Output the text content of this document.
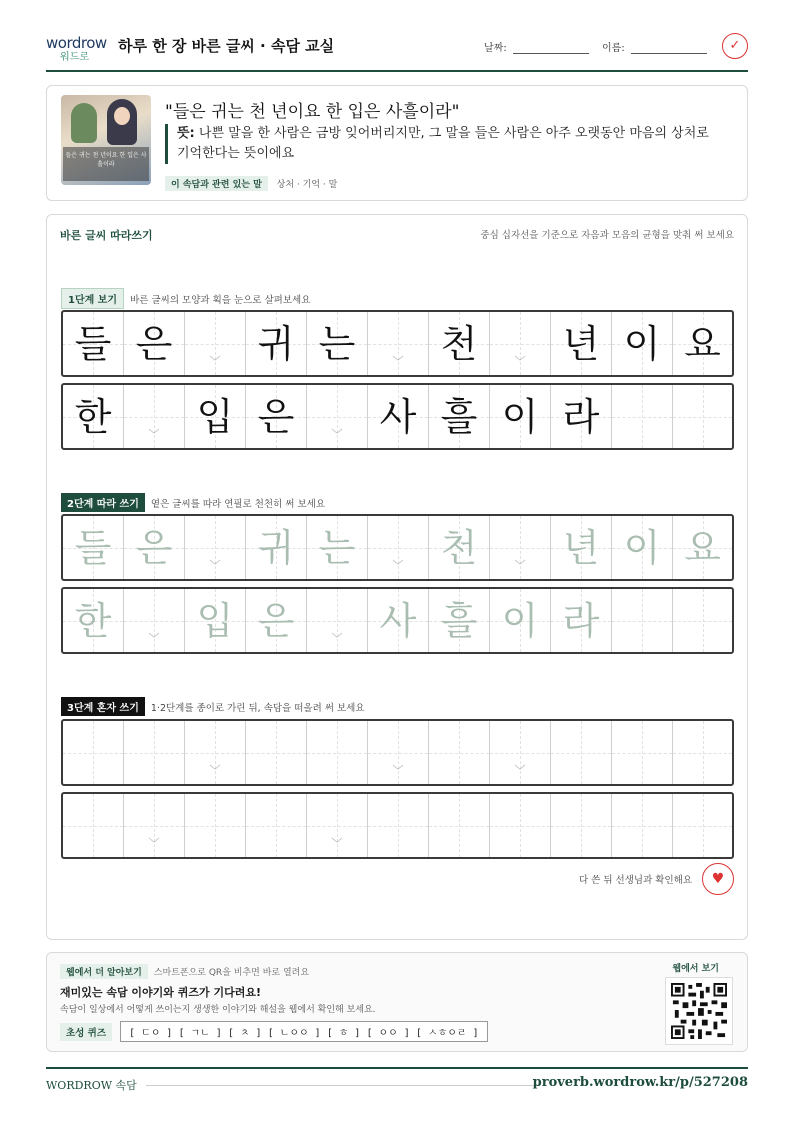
wordrow
워드로
하루 한 장 바른 글씨 · 속담 교실	날짜:	이름:	✓
들은 귀는 천 년이요 한 입은 사흘이라
"들은 귀는 천 년이요 한 입은 사흘이라"
뜻: 나쁜 말을 한 사람은 금방 잊어버리지만, 그 말을 들은 사람은 아주 오랫동안 마음의 상처로 기억한다는 뜻이에요
이 속담과 관련 있는 말 상처 · 기억 · 말
바른 글씨 따라쓰기	중심 십자선을 기준으로 자음과 모음의 균형을 맞춰 써 보세요
1단계 보기 바른 글씨의 모양과 획을 눈으로 살펴보세요
들 은	﹀ 귀 는	﹀ 천	﹀ 년 이 요
한	﹀ 입 은	﹀ 사 흘 이 라
2단계 따라 쓰기 옅은 글씨를 따라 연필로 천천히 써 보세요
들 은	﹀ 귀 는	﹀ 천	﹀ 년 이 요
한	﹀ 입 은	﹀ 사 흘 이 라
3단계 혼자 쓰기 1·2단계를 종이로 가린 뒤, 속담을 떠올려 써 보세요
﹀	﹀	﹀
﹀	﹀
다 쓴 뒤 선생님과 확인해요	♥
웹에서 더 알아보기 스마트폰으로 QR을 비추면 바로 열려요
재미있는 속담 이야기와 퀴즈가 기다려요!
속담이 일상에서 어떻게 쓰이는지 생생한 이야기와 해설을 웹에서 확인해 보세요.
초성 퀴즈	[ ㄷㅇ ] [ ㄱㄴ ] [ ㅊ ] [ ㄴㅇㅇ ] [ ㅎ ] [ ㅇㅇ ] [ ㅅㅎㅇㄹ ]
웹에서 보기
WORDROW 속담	proverb.wordrow.kr/p/527208
